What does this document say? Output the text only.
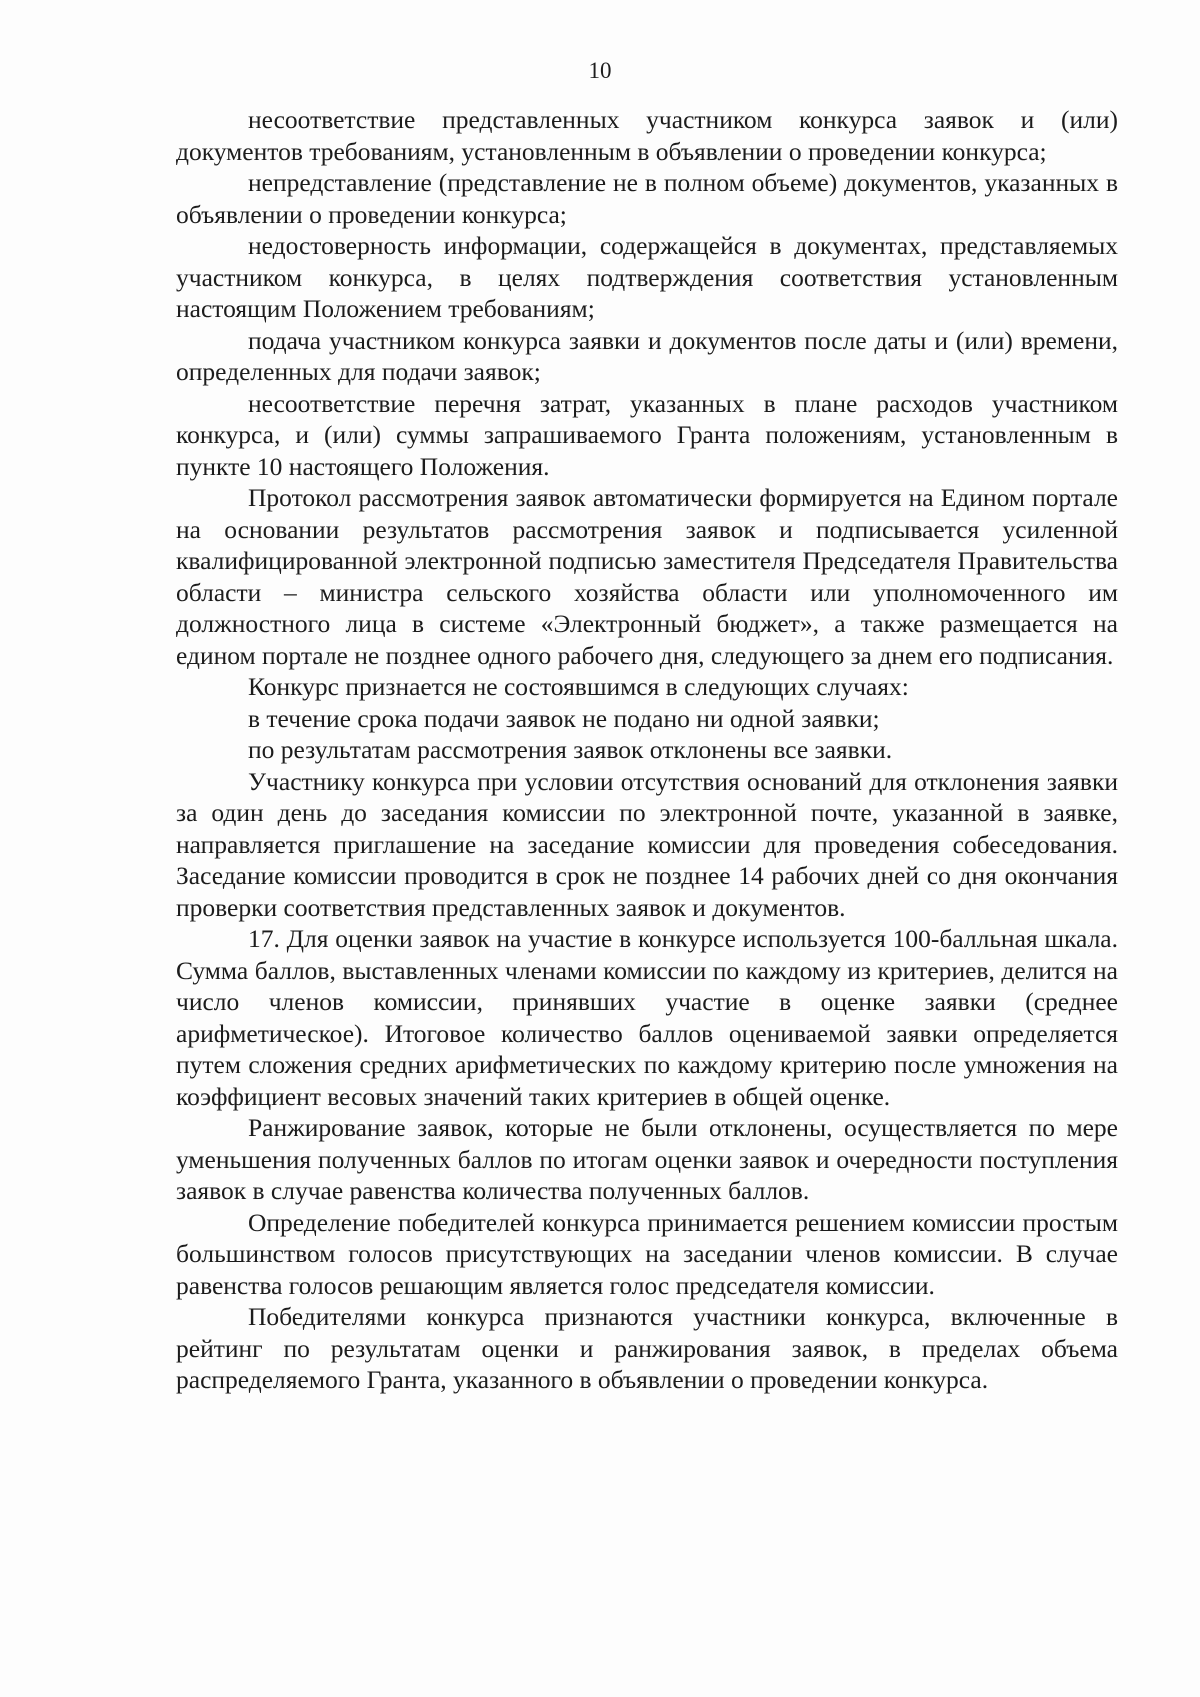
10

несоответствие представленных участником конкурса заявок и (или) документов требованиям, установленным в объявлении о проведении конкурса;

непредставление (представление не в полном объеме) документов, указанных в объявлении о проведении конкурса;

недостоверность информации, содержащейся в документах, представляемых участником конкурса, в целях подтверждения соответствия установленным настоящим Положением требованиям;

подача участником конкурса заявки и документов после даты и (или) времени, определенных для подачи заявок;

несоответствие перечня затрат, указанных в плане расходов участником конкурса, и (или) суммы запрашиваемого Гранта положениям, установленным в пункте 10 настоящего Положения.

Протокол рассмотрения заявок автоматически формируется на Едином портале на основании результатов рассмотрения заявок и подписывается усиленной квалифицированной электронной подписью заместителя Председателя Правительства области – министра сельского хозяйства области или уполномоченного им должностного лица в системе «Электронный бюджет», а также размещается на едином портале не позднее одного рабочего дня, следующего за днем его подписания.

Конкурс признается не состоявшимся в следующих случаях:

в течение срока подачи заявок не подано ни одной заявки;

по результатам рассмотрения заявок отклонены все заявки.

Участнику конкурса при условии отсутствия оснований для отклонения заявки за один день до заседания комиссии по электронной почте, указанной в заявке, направляется приглашение на заседание комиссии для проведения собеседования. Заседание комиссии проводится в срок не позднее 14 рабочих дней со дня окончания проверки соответствия представленных заявок и документов.

17. Для оценки заявок на участие в конкурсе используется 100-балльная шкала. Сумма баллов, выставленных членами комиссии по каждому из критериев, делится на число членов комиссии, принявших участие в оценке заявки (среднее арифметическое). Итоговое количество баллов оцениваемой заявки определяется путем сложения средних арифметических по каждому критерию после умножения на коэффициент весовых значений таких критериев в общей оценке.

Ранжирование заявок, которые не были отклонены, осуществляется по мере уменьшения полученных баллов по итогам оценки заявок и очередности поступления заявок в случае равенства количества полученных баллов.

Определение победителей конкурса принимается решением комиссии простым большинством голосов присутствующих на заседании членов комиссии. В случае равенства голосов решающим является голос председателя комиссии.

Победителями конкурса признаются участники конкурса, включенные в рейтинг по результатам оценки и ранжирования заявок, в пределах объема распределяемого Гранта, указанного в объявлении о проведении конкурса.
